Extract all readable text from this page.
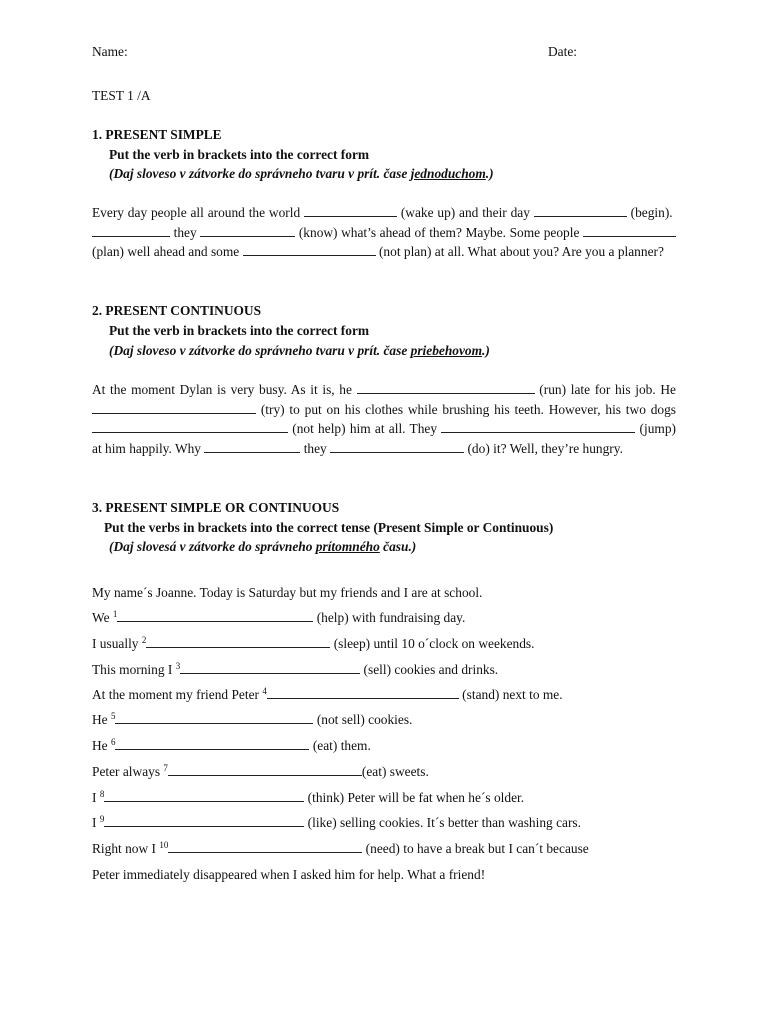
Name:	Date:
TEST 1 /A
1. PRESENT SIMPLE
Put the verb in brackets into the correct form
(Daj sloveso v zátvorke do správneho tvaru v prít. čase jednoduchom.)
Every day people all around the world	(wake up) and their day	(begin).   they	(know) what’s ahead of them? Maybe. Some people  (plan) well ahead and some	(not plan) at all. What about you? Are you a planner?
2. PRESENT CONTINUOUS
Put the verb in brackets into the correct form
(Daj sloveso v zátvorke do správneho tvaru v prít. čase priebehovom.)
At the moment Dylan is very busy. As it is, he	(run) late for his job. He  (try) to put on his clothes while brushing his teeth. However, his two dogs  (not help) him at all. They	(jump) at him happily. Why	they	(do) it? Well, they’re hungry.
3. PRESENT SIMPLE OR CONTINUOUS
Put the verbs in brackets into the correct tense (Present Simple or Continuous)
(Daj slovesá v zátvorke do správneho prítomného času.)
My name´s Joanne. Today is Saturday but my friends and I are at school.
We $^1$	(help) with fundraising day.
I usually $^2$	(sleep) until 10 o´clock on weekends.
This morning I $^3$	(sell) cookies and drinks.
At the moment my friend Peter $^4$	(stand) next to me.
He $^5$	(not sell) cookies.
He $^6$	(eat) them.
Peter always $^7$	(eat) sweets.
I $^8$	(think) Peter will be fat when he´s older.
I $^9$	(like) selling cookies. It´s better than washing cars.
Right now I $^{10}$	(need) to have a break but I can´t because
Peter immediately disappeared when I asked him for help. What a friend!
